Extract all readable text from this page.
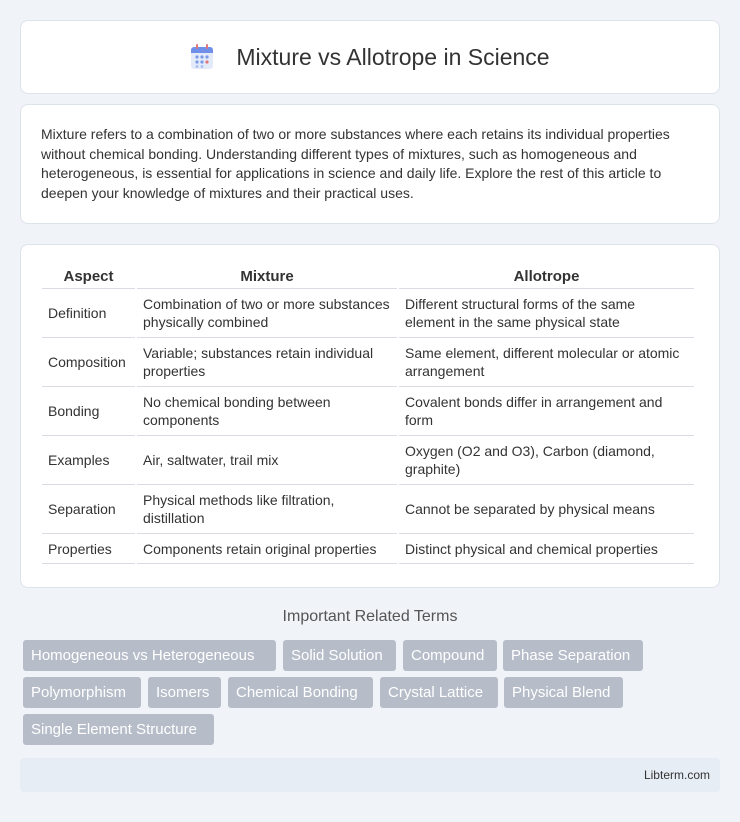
Mixture vs Allotrope in Science

Mixture refers to a combination of two or more substances where each retains its individual properties without chemical bonding. Understanding different types of mixtures, such as homogeneous and heterogeneous, is essential for applications in science and daily life. Explore the rest of this article to deepen your knowledge of mixtures and their practical uses.

Aspect	Mixture	Allotrope
Definition	Combination of two or more substances physically combined	Different structural forms of the same element in the same physical state
Composition	Variable; substances retain individual properties	Same element, different molecular or atomic arrangement
Bonding	No chemical bonding between components	Covalent bonds differ in arrangement and form
Examples	Air, saltwater, trail mix	Oxygen (O2 and O3), Carbon (diamond, graphite)
Separation	Physical methods like filtration, distillation	Cannot be separated by physical means
Properties	Components retain original properties	Distinct physical and chemical properties
Important Related Terms
Homogeneous vs Heterogeneous	Solid Solution	Compound	Phase Separation
Polymorphism	Isomers	Chemical Bonding	Crystal Lattice	Physical Blend
Single Element Structure
Libterm.com
